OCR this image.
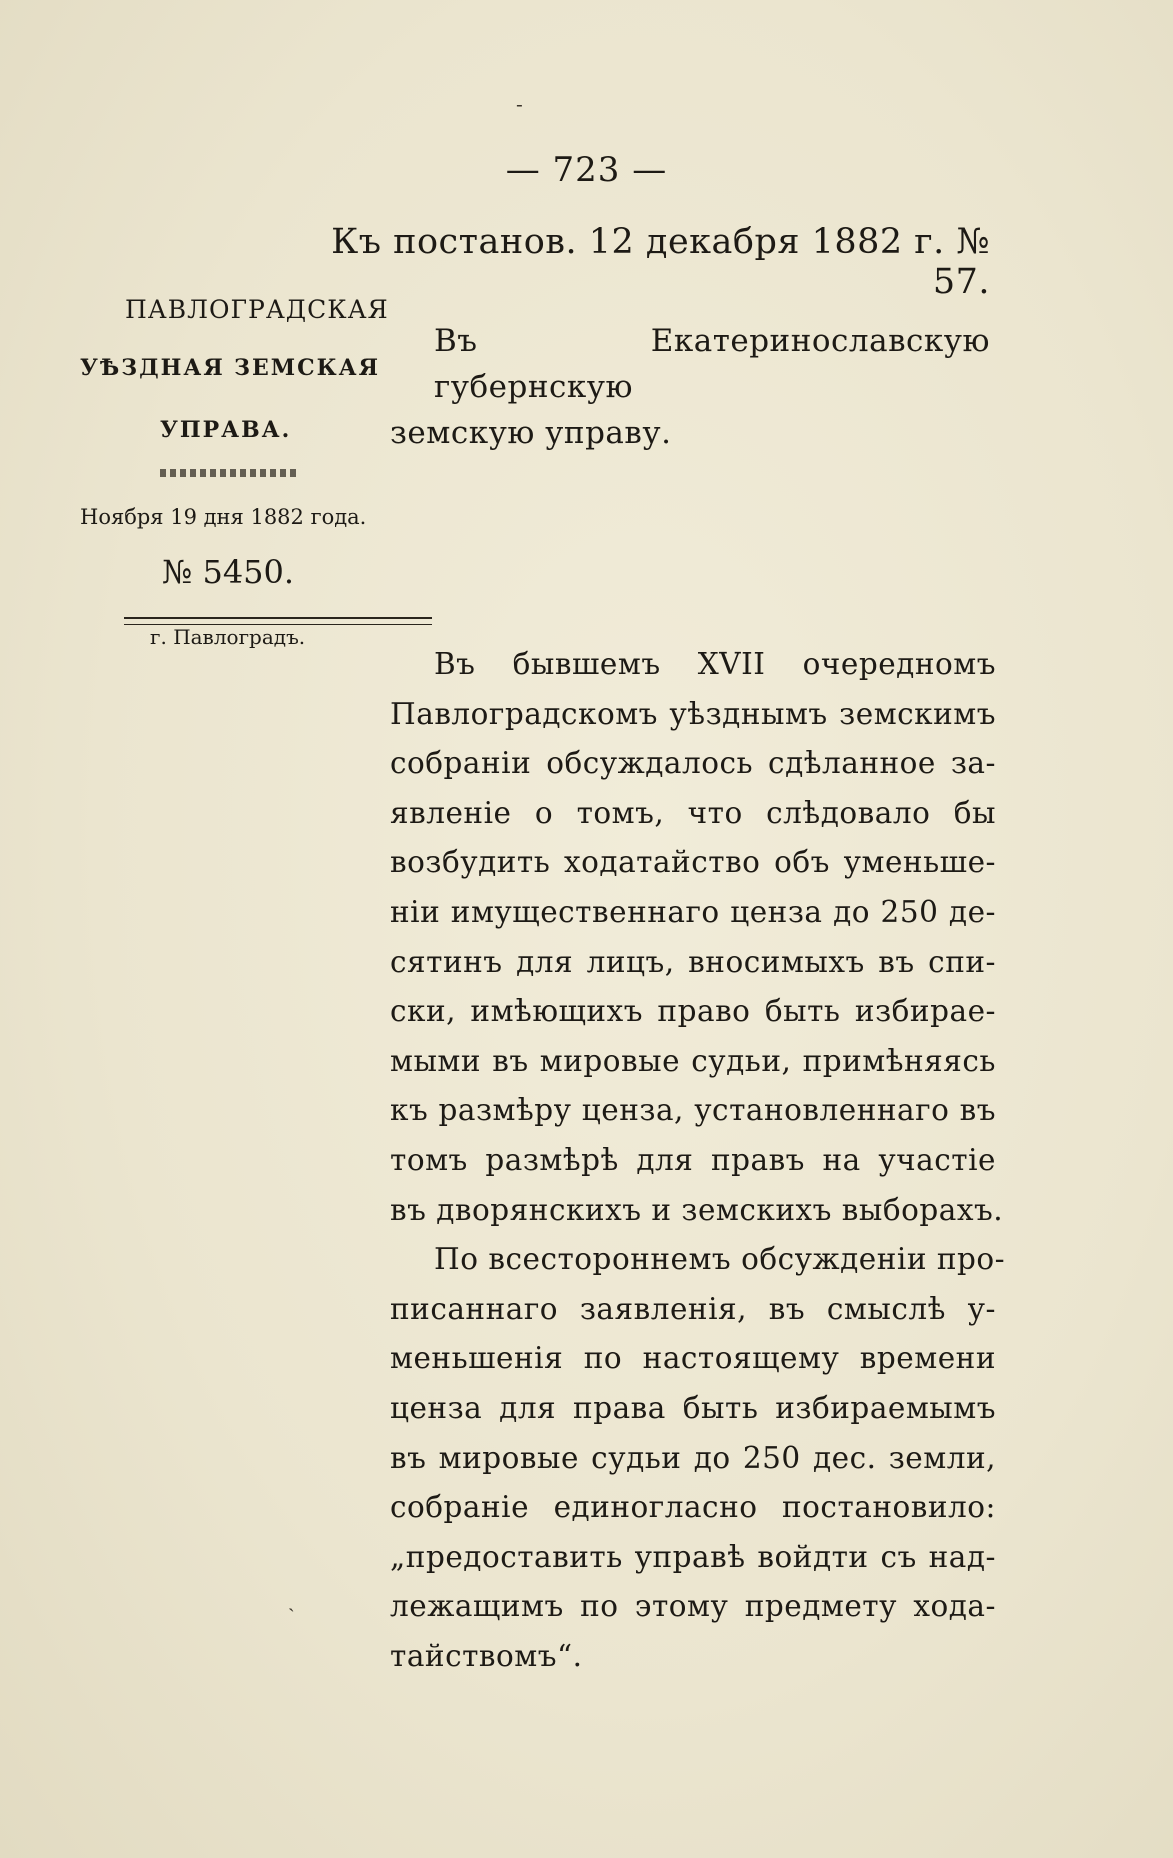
— 723 —
Къ постанов. 12 декабря 1882 г. № 57.
ПАВЛОГРАДСКАЯ
УѢЗДНАЯ ЗЕМСКАЯ
УПРАВА.
Ноября 19 дня 1882 года.
№ 5450.
г. Павлоградъ.
Въ Екатеринославскую губернскую
земскую управу.
Въ бывшемъ XVII очередномъ
Павлоградскомъ уѣзднымъ земскимъ
собраніи обсуждалось сдѣланное за-
явленіе о томъ, что слѣдовало бы
возбудить ходатайство объ уменьше-
ніи имущественнаго ценза до 250 де-
сятинъ для лицъ, вносимыхъ въ спи-
ски, имѣющихъ право быть избирае-
мыми въ мировые судьи, примѣняясь
къ размѣру ценза, установленнаго въ
томъ размѣрѣ для правъ на участіе
въ дворянскихъ и земскихъ выборахъ.
По всестороннемъ обсужденіи про-
писаннаго заявленія, въ смыслѣ у-
меньшенія по настоящему времени
ценза для права быть избираемымъ
въ мировые судьи до 250 дес. земли,
собраніе единогласно постановило:
„предоставить управѣ войдти съ над-
лежащимъ по этому предмету хода-
тайствомъ“.
ˎ
-
